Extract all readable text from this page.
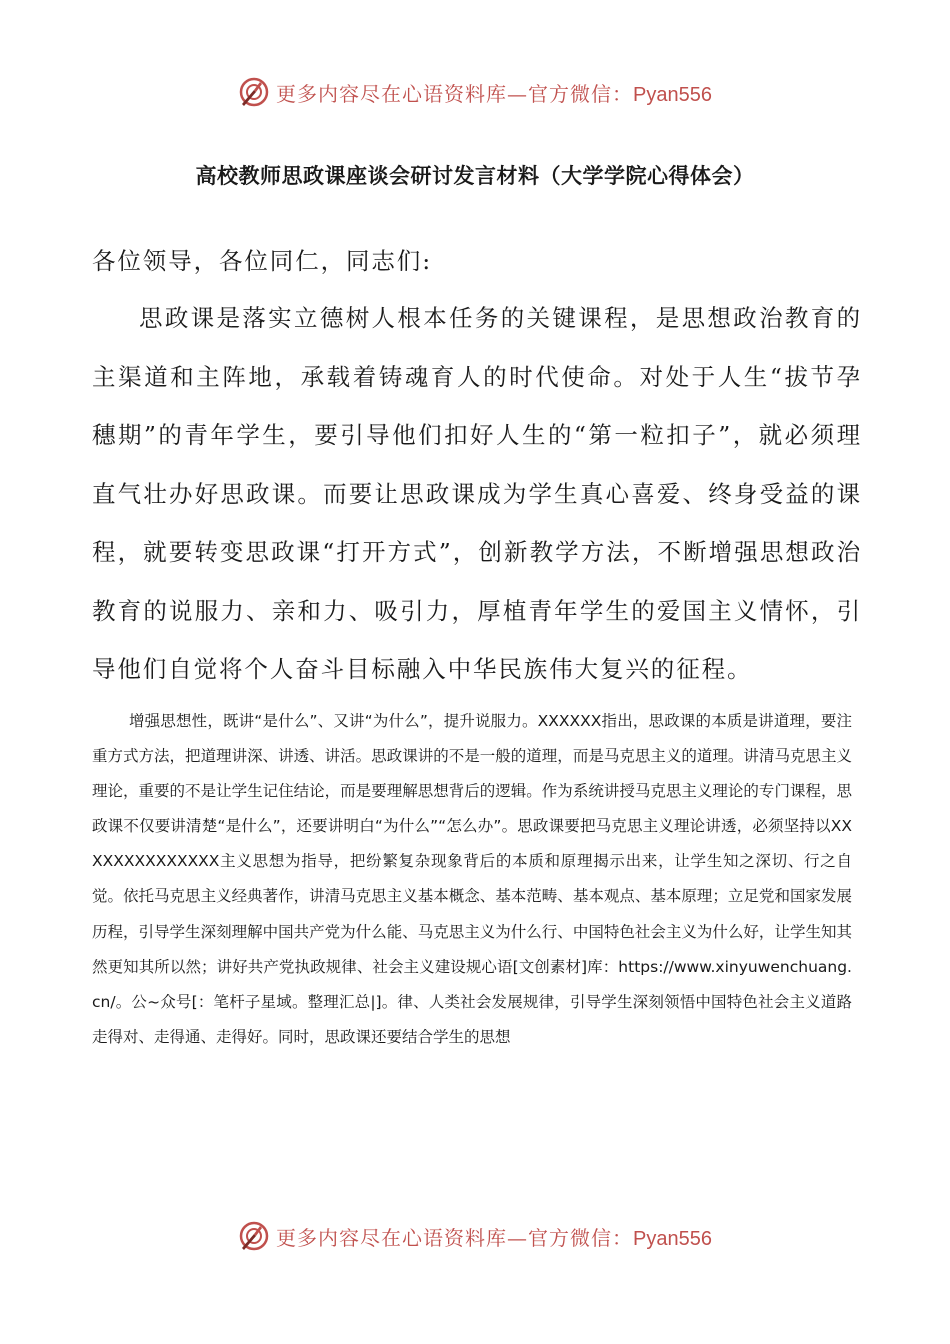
更多内容尽在心语资料库—官方微信：Pyan556
高校教师思政课座谈会研讨发言材料（大学学院心得体会）
各位领导，各位同仁，同志们:
思政课是落实立德树人根本任务的关键课程，是思想政治教育的主渠道和主阵地，承载着铸魂育人的时代使命。对处于人生“拔节孕穗期”的青年学生，要引导他们扣好人生的“第一粒扣子”，就必须理直气壮办好思政课。而要让思政课成为学生真心喜爱、终身受益的课程，就要转变思政课“打开方式”，创新教学方法，不断增强思想政治教育的说服力、亲和力、吸引力，厚植青年学生的爱国主义情怀，引导他们自觉将个人奋斗目标融入中华民族伟大复兴的征程。
增强思想性，既讲“是什么”、又讲“为什么”，提升说服力。XXXXXX指出，思政课的本质是讲道理，要注重方式方法，把道理讲深、讲透、讲活。思政课讲的不是一般的道理，而是马克思主义的道理。讲清马克思主义理论，重要的不是让学生记住结论，而是要理解思想背后的逻辑。作为系统讲授马克思主义理论的专门课程，思政课不仅要讲清楚“是什么”，还要讲明白“为什么”“怎么办”。思政课要把马克思主义理论讲透，必须坚持以XXXXXXXXXXXXXX主义思想为指导，把纷繁复杂现象背后的本质和原理揭示出来，让学生知之深切、行之自觉。依托马克思主义经典著作，讲清马克思主义基本概念、基本范畴、基本观点、基本原理；立足党和国家发展历程，引导学生深刻理解中国共产党为什么能、马克思主义为什么行、中国特色社会主义为什么好，让学生知其然更知其所以然；讲好共产党执政规律、社会主义建设规心语[文创素材]库：https://www.xinyuwenchuang.cn/。公~众号[：笔杆子星域。整理汇总|]。律、人类社会发展规律，引导学生深刻领悟中国特色社会主义道路走得对、走得通、走得好。同时，思政课还要结合学生的思想
更多内容尽在心语资料库—官方微信：Pyan556
